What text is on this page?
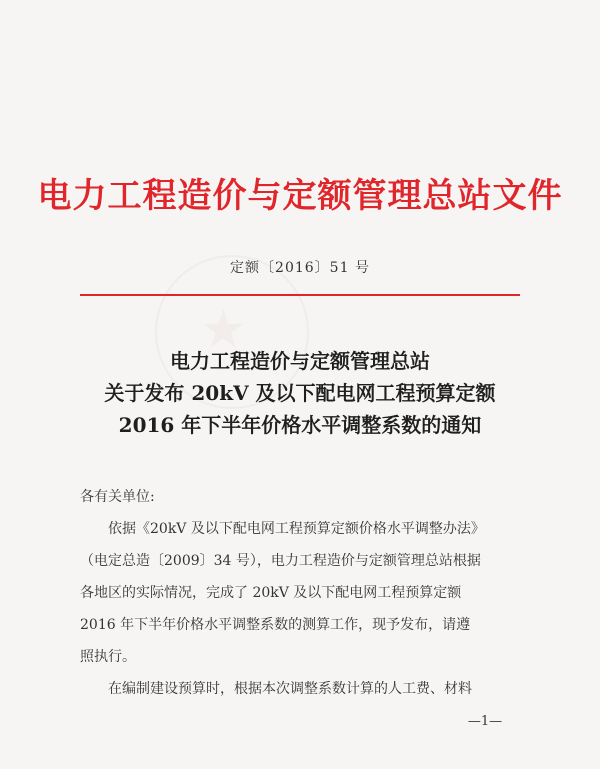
★
电力工程造价与定额管理总站文件
定额〔2016〕51 号
电力工程造价与定额管理总站
关于发布 20kV 及以下配电网工程预算定额
2016 年下半年价格水平调整系数的通知

各有关单位:

依据《20kV 及以下配电网工程预算定额价格水平调整办法》

（电定总造〔2009〕34 号），电力工程造价与定额管理总站根据

各地区的实际情况，完成了 20kV 及以下配电网工程预算定额

2016 年下半年价格水平调整系数的测算工作，现予发布，请遵

照执行。

在编制建设预算时，根据本次调整系数计算的人工费、材料

—1—
